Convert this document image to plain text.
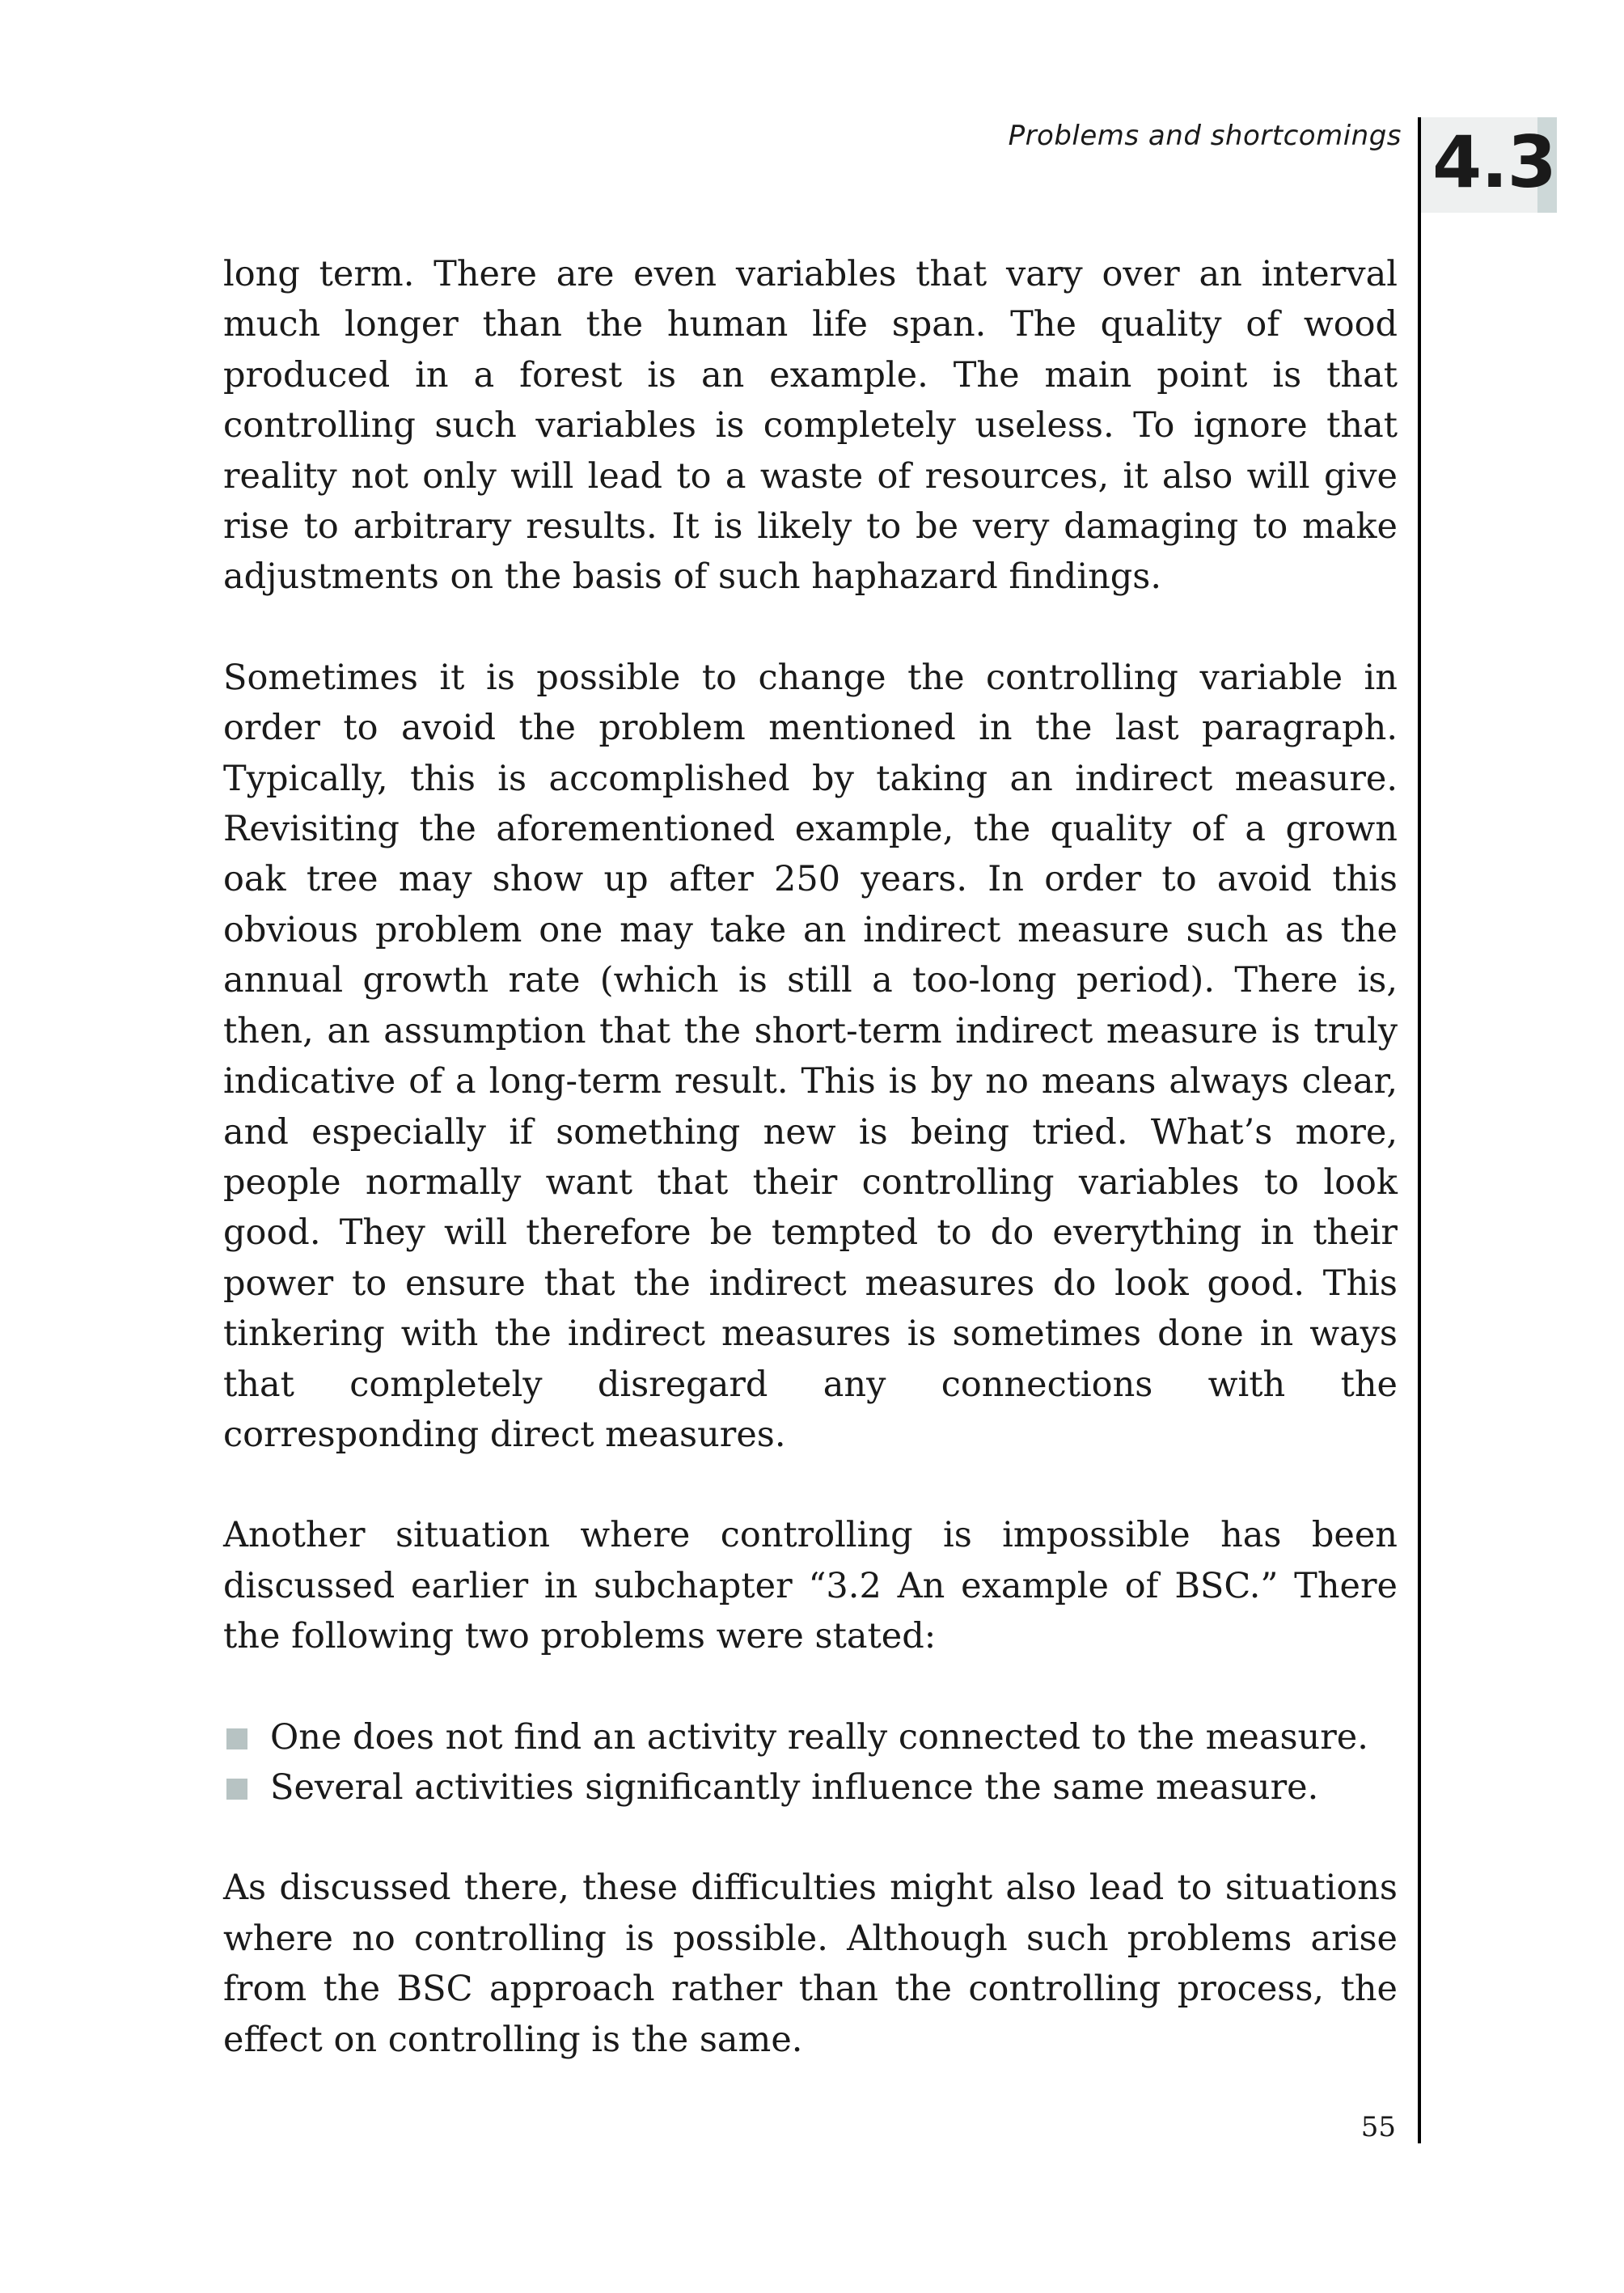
Problems and shortcomings 4.3

long term. There are even variables that vary over an interval much longer than the human life span. The quality of wood produced in a forest is an example. The main point is that controlling such variables is completely useless. To ignore that reality not only will lead to a waste of resources, it also will give rise to arbitrary results. It is likely to be very damaging to make adjustments on the basis of such haphazard findings.

Sometimes it is possible to change the controlling variable in order to avoid the problem mentioned in the last paragraph. Typically, this is accomplished by taking an indirect measure. Revisiting the aforementioned example, the quality of a grown oak tree may show up after 250 years. In order to avoid this obvious problem one may take an indirect measure such as the annual growth rate (which is still a too-long period). There is, then, an assumption that the short-term indirect measure is truly indicative of a long-term result. This is by no means always clear, and especially if something new is being tried. What’s more, people normally want that their controlling variables to look good. They will therefore be tempted to do everything in their power to ensure that the indirect measures do look good. This tinkering with the indirect measures is sometimes done in ways that completely disregard any connections with the corresponding direct measures.

Another situation where controlling is impossible has been discussed earlier in subchapter “3.2 An example of BSC.” There the following two problems were stated:

One does not find an activity really connected to the measure.
Several activities significantly influence the same measure.

As discussed there, these difficulties might also lead to situations where no controlling is possible. Although such problems arise from the BSC approach rather than the controlling process, the effect on controlling is the same.

55
